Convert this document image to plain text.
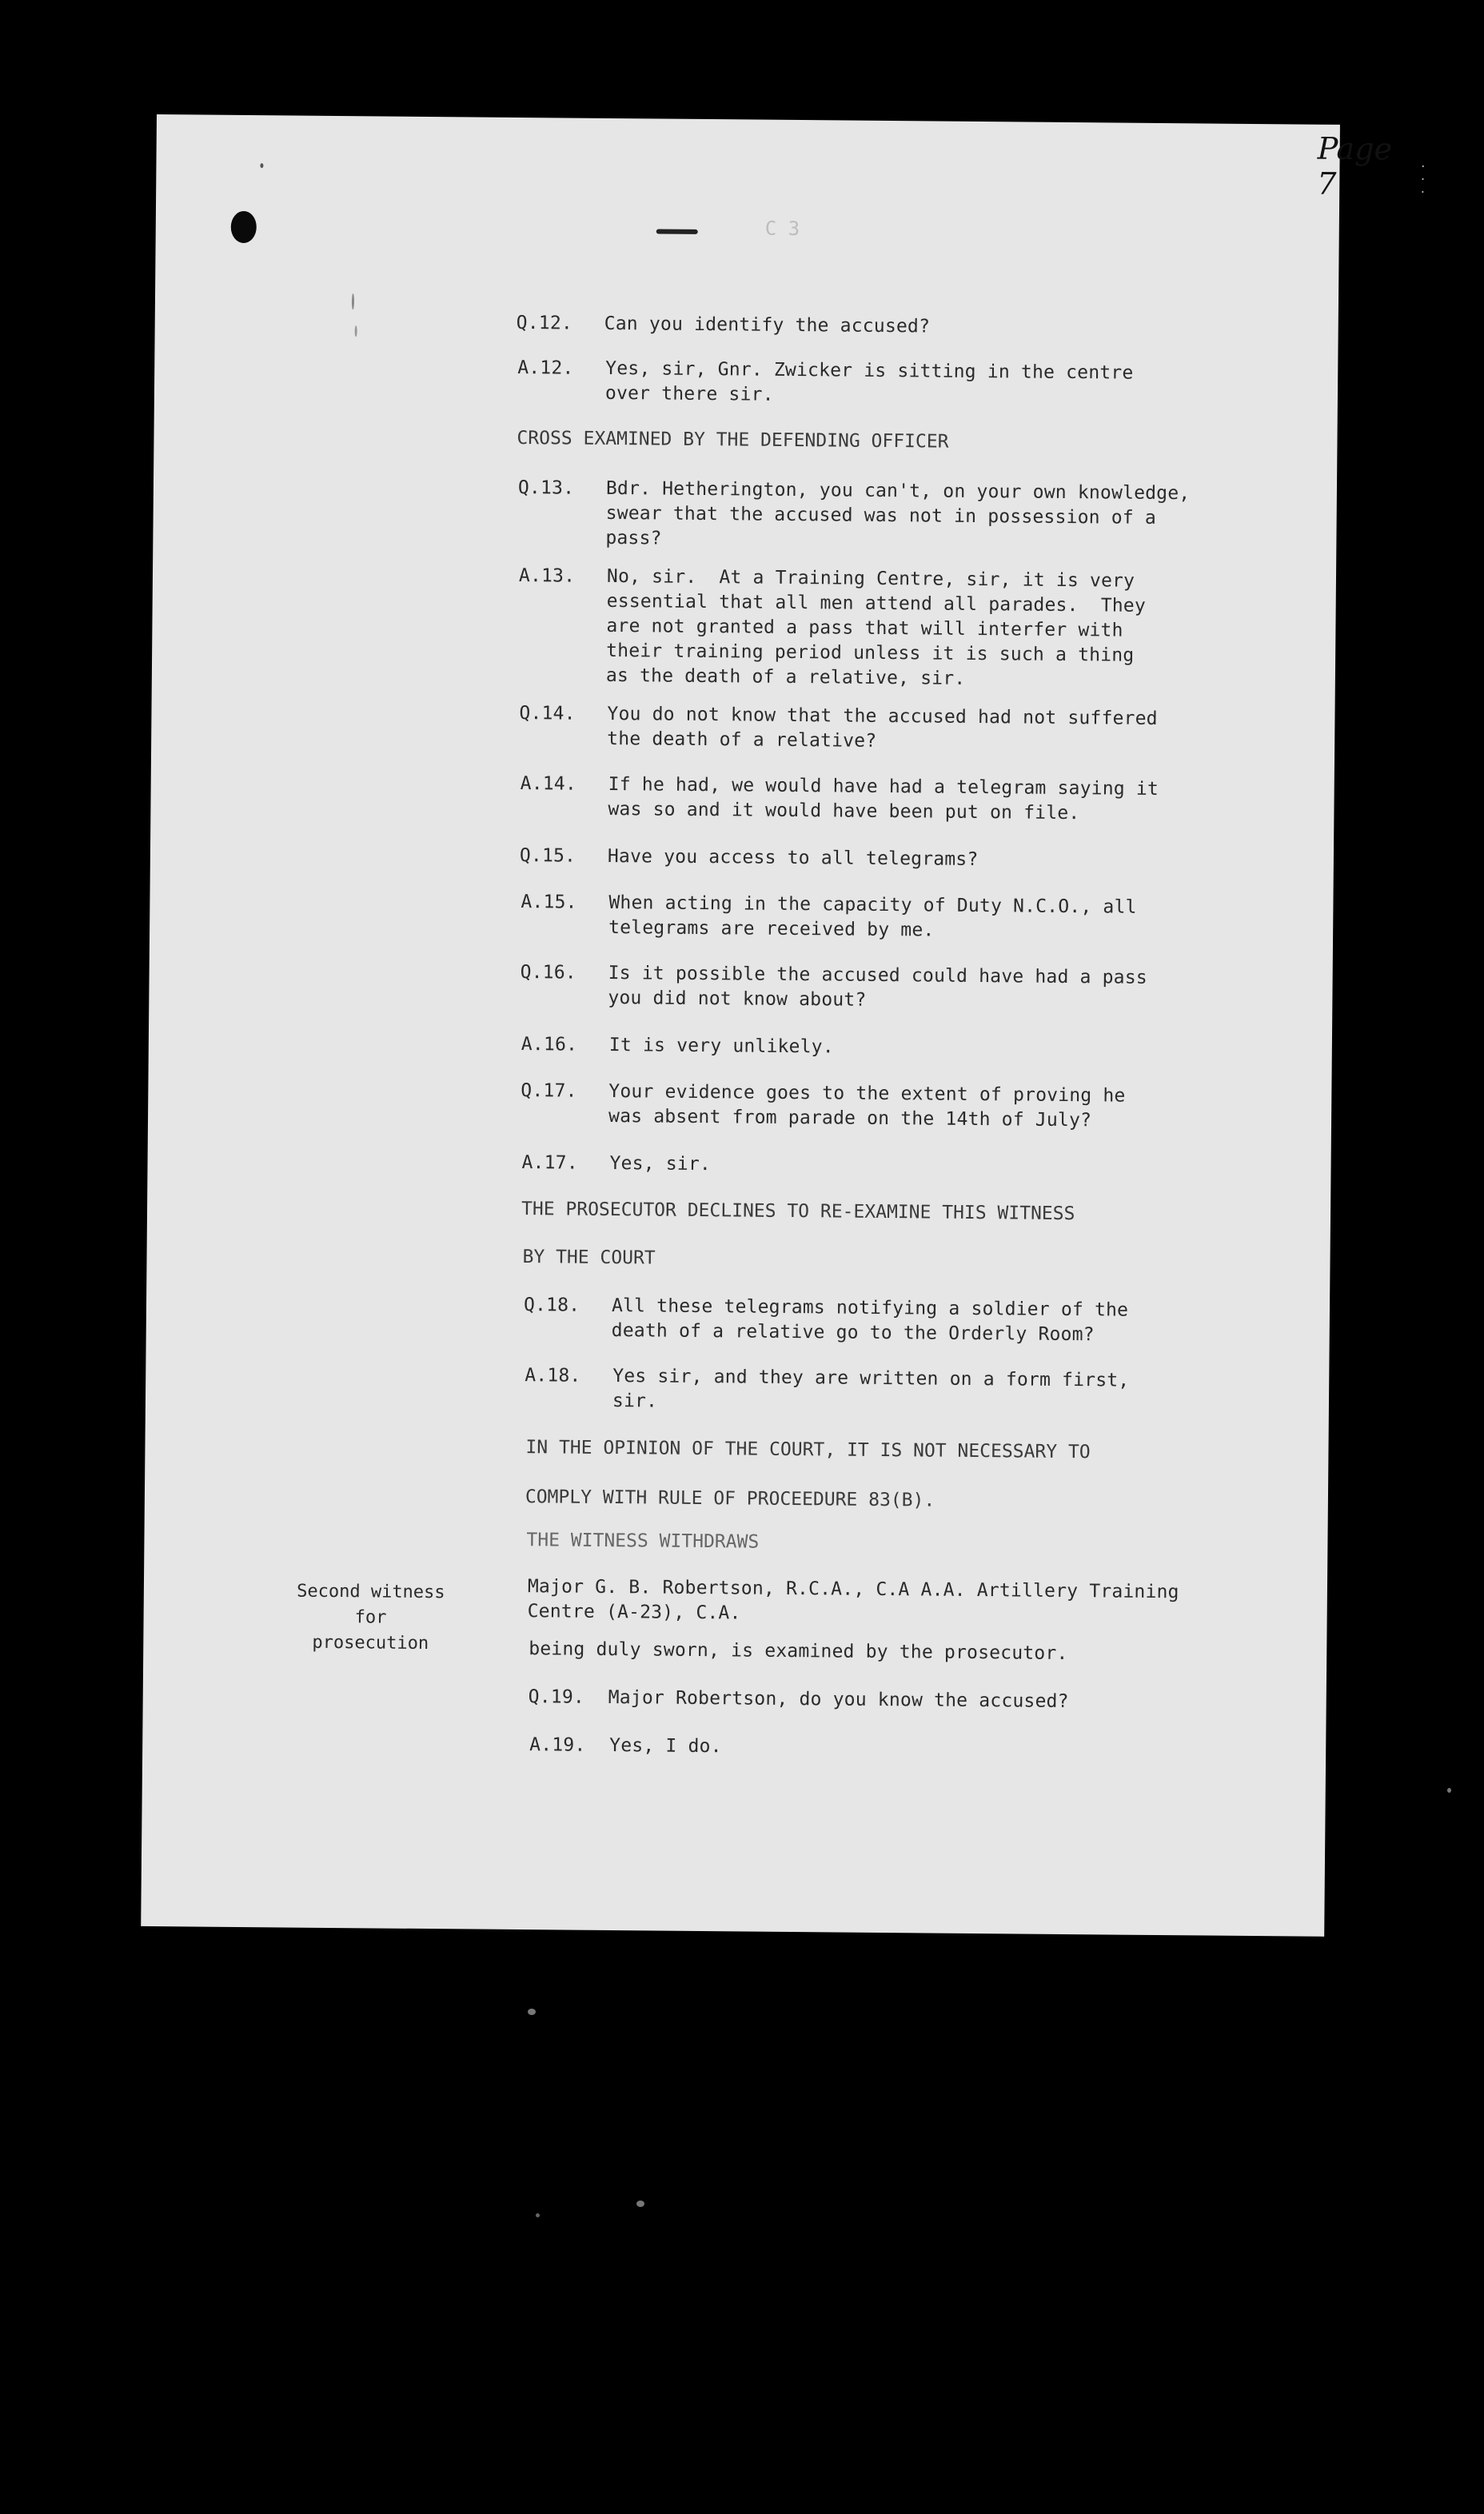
Page 7	· · ·
C 3

Q.12.

Can you identify the accused?

A.12.

Yes, sir, Gnr. Zwicker is sitting in the centre
over there sir.

CROSS EXAMINED BY THE DEFENDING OFFICER

Q.13.

Bdr. Hetherington, you can't, on your own knowledge,
swear that the accused was not in possession of a
pass?

A.13.

No, sir.  At a Training Centre, sir, it is very
essential that all men attend all parades.  They
are not granted a pass that will interfer with
their training period unless it is such a thing
as the death of a relative, sir.

Q.14.

You do not know that the accused had not suffered
the death of a relative?

A.14.

If he had, we would have had a telegram saying it
was so and it would have been put on file.

Q.15.

Have you access to all telegrams?

A.15.

When acting in the capacity of Duty N.C.O., all
telegrams are received by me.

Q.16.

Is it possible the accused could have had a pass
you did not know about?

A.16.

It is very unlikely.

Q.17.

Your evidence goes to the extent of proving he
was absent from parade on the 14th of July?

A.17.

Yes, sir.

THE PROSECUTOR DECLINES TO RE-EXAMINE THIS WITNESS
BY THE COURT

Q.18.

All these telegrams notifying a soldier of the
death of a relative go to the Orderly Room?

A.18.

Yes sir, and they are written on a form first,
sir.

IN THE OPINION OF THE COURT, IT IS NOT NECESSARY TO
COMPLY WITH RULE OF PROCEEDURE 83(B).
THE WITNESS WITHDRAWS
Second witness
for
prosecution
Major G. B. Robertson, R.C.A., C.A A.A. Artillery Training
Centre (A-23), C.A.
being duly sworn, is examined by the prosecutor.

Q.19.

Major Robertson, do you know the accused?

A.19.

Yes, I do.
